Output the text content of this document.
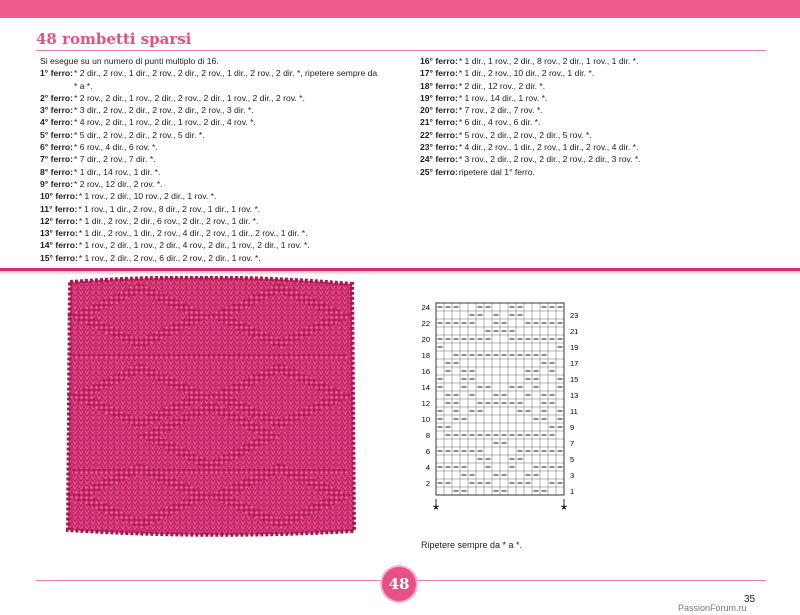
48 rombetti sparsi
Si esegue su un numero di punti multiplo di 16.
1° ferro: * 2 dir., 2 rov., 1 dir., 2 rov., 2 dir., 2 rov., 1 dir., 2 rov., 2 dir. *, ripetere sempre da
* a *.
2° ferro: * 2 rov., 2 dir., 1 rov., 2 dir., 2 rov., 2 dir., 1 rov., 2 dir., 2 rov. *.
3° ferro: * 3 dir., 2 rov., 2 dir., 2 rov., 2 dir., 2 rov., 3 dir. *.
4° ferro: * 4 rov., 2 dir., 1 rov., 2 dir., 1 rov., 2 dir., 4 rov. *.
5° ferro: * 5 dir., 2 rov., 2 dir., 2 rov., 5 dir. *.
6° ferro: * 6 rov., 4 dir., 6 rov. *.
7° ferro: * 7 dir., 2 rov., 7 dir. *.
8° ferro: * 1 dir., 14 rov., 1 dir. *.
9° ferro: * 2 rov., 12 dir., 2 rov. *.
10° ferro: * 1 rov., 2 dir., 10 rov., 2 dir., 1 rov. *.
11° ferro: * 1 rov., 1 dir., 2 rov., 8 dir., 2 rov., 1 dir., 1 rov. *.
12° ferro: * 1 dir., 2 rov., 2 dir., 6 rov., 2 dir., 2 rov., 1 dir. *.
13° ferro: * 1 dir., 2 rov., 1 dir., 2 rov., 4 dir., 2 rov., 1 dir., 2 rov., 1 dir. *.
14° ferro: * 1 rov., 2 dir., 1 rov., 2 dir., 4 rov., 2 dir., 1 rov., 2 dir., 1 rov. *.
15° ferro: * 1 rov., 2 dir., 2 rov., 6 dir., 2 rov., 2 dir., 1 rov. *.
16° ferro: * 1 dir., 1 rov., 2 dir., 8 rov., 2 dir., 1 rov., 1 dir. *.
17° ferro: * 1 dir., 2 rov., 10 dir., 2 rov., 1 dir. *.
18° ferro: * 2 dir., 12 rov., 2 dir. *.
19° ferro: * 1 rov., 14 dir., 1 rov. *.
20° ferro: * 7 rov., 2 dir., 7 rov. *.
21° ferro: * 6 dir., 4 rov., 6 dir. *.
22° ferro: * 5 rov., 2 dir., 2 rov., 2 dir., 5 rov. *.
23° ferro: * 4 dir., 2 rov., 1 dir., 2 rov., 1 dir., 2 rov., 4 dir. *.
24° ferro: * 3 rov., 2 dir., 2 rov., 2 dir., 2 rov., 2 dir., 3 rov. *.
25° ferro: ripetere dal 1° ferro.
24
22
20
18
16
14
12
10
8
6
4
2
23
21
19
17
15
13
11
9
7
5
3
1
*	*
Ripetere sempre da * a *.
48
35
PassionForum.ru
